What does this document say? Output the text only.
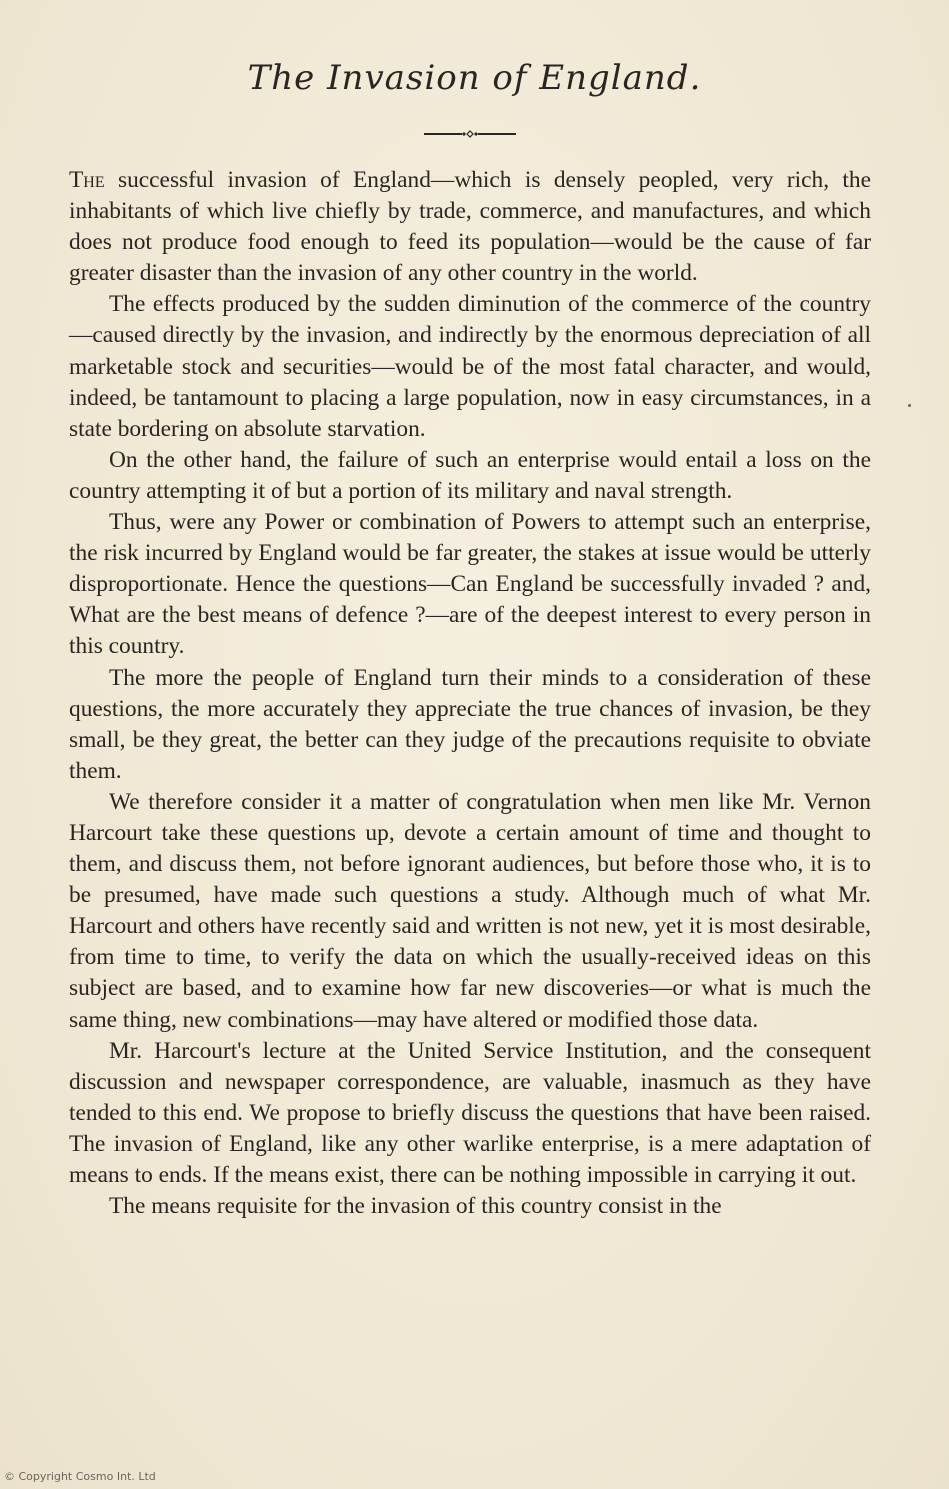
The Invasion of England.

The successful invasion of England—which is densely peopled, very rich, the inhabitants of which live chiefly by trade, commerce, and manufactures, and which does not produce food enough to feed its population—would be the cause of far greater disaster than the invasion of any other country in the world.

The effects produced by the sudden diminution of the commerce of the country—caused directly by the invasion, and indirectly by the enormous depreciation of all marketable stock and securities—would be of the most fatal character, and would, indeed, be tantamount to placing a large population, now in easy circumstances, in a state bordering on absolute starvation.

On the other hand, the failure of such an enterprise would entail a loss on the country attempting it of but a portion of its military and naval strength.

Thus, were any Power or combination of Powers to attempt such an enterprise, the risk incurred by England would be far greater, the stakes at issue would be utterly disproportionate. Hence the questions—Can England be successfully invaded ? and, What are the best means of defence ?—are of the deepest interest to every person in this country.

The more the people of England turn their minds to a consideration of these questions, the more accurately they appreciate the true chances of invasion, be they small, be they great, the better can they judge of the precautions requisite to obviate them.

We therefore consider it a matter of congratulation when men like Mr. Vernon Harcourt take these questions up, devote a certain amount of time and thought to them, and discuss them, not before ignorant audiences, but before those who, it is to be presumed, have made such questions a study. Although much of what Mr. Harcourt and others have recently said and written is not new, yet it is most desirable, from time to time, to verify the data on which the usually-received ideas on this subject are based, and to examine how far new discoveries—or what is much the same thing, new combinations—may have altered or modified those data.

Mr. Harcourt's lecture at the United Service Institution, and the consequent discussion and newspaper correspondence, are valuable, inasmuch as they have tended to this end. We propose to briefly discuss the questions that have been raised. The invasion of England, like any other warlike enterprise, is a mere adaptation of means to ends. If the means exist, there can be nothing impossible in carrying it out.

The means requisite for the invasion of this country consist in the

© Copyright Cosmo Int. Ltd
